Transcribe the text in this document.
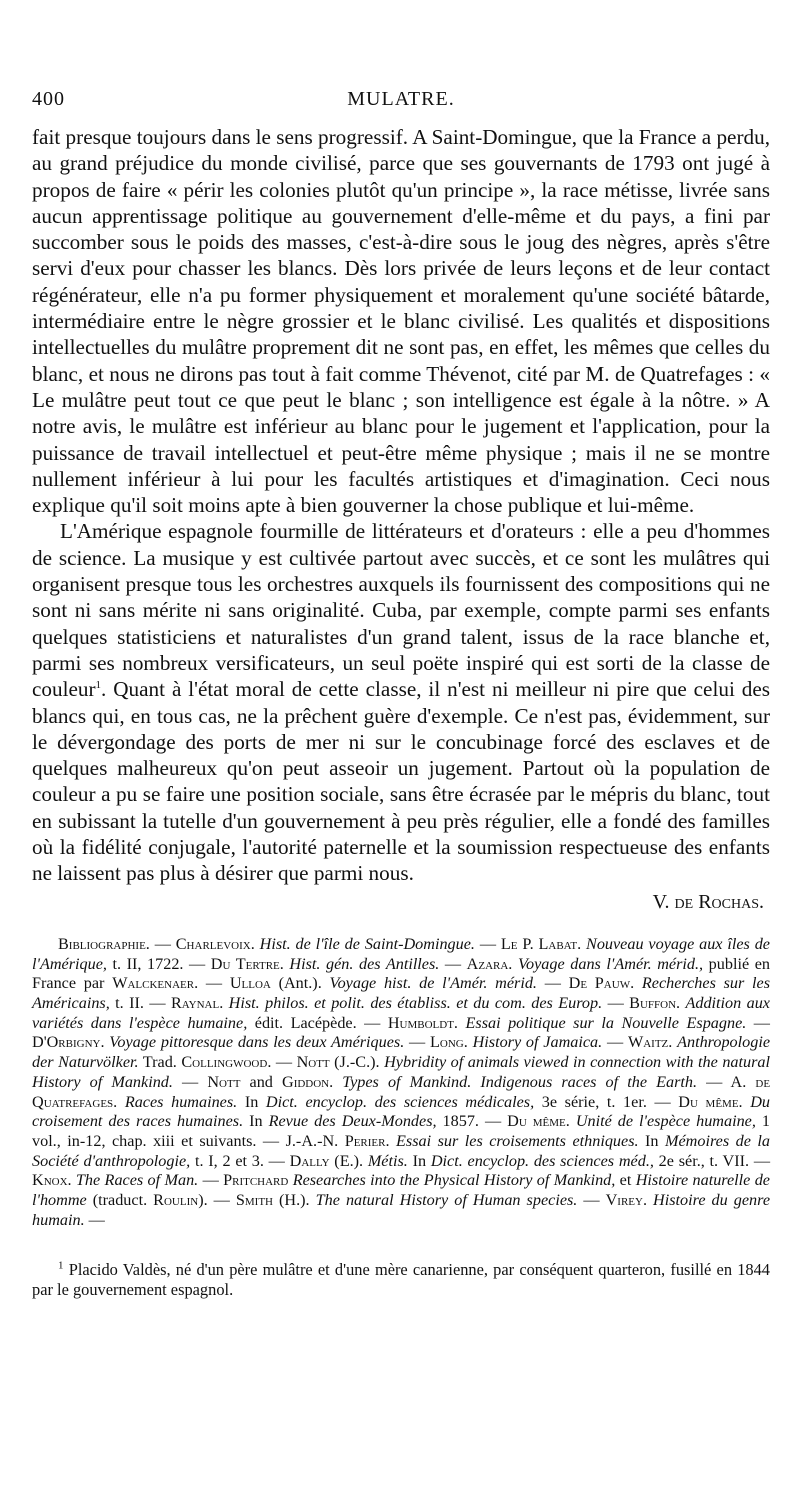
400	MULATRE.

fait presque toujours dans le sens progressif. A Saint-Domingue, que la France a perdu, au grand préjudice du monde civilisé, parce que ses gouvernants de 1793 ont jugé à propos de faire « périr les colonies plutôt qu'un principe », la race métisse, livrée sans aucun apprentissage politique au gouvernement d'elle-même et du pays, a fini par succomber sous le poids des masses, c'est-à-dire sous le joug des nègres, après s'être servi d'eux pour chasser les blancs. Dès lors privée de leurs leçons et de leur contact régénérateur, elle n'a pu former physiquement et moralement qu'une société bâtarde, intermédiaire entre le nègre grossier et le blanc civilisé. Les qualités et dispositions intellectuelles du mulâtre proprement dit ne sont pas, en effet, les mêmes que celles du blanc, et nous ne dirons pas tout à fait comme Thévenot, cité par M. de Quatrefages : « Le mulâtre peut tout ce que peut le blanc ; son intelligence est égale à la nôtre. » A notre avis, le mulâtre est inférieur au blanc pour le jugement et l'application, pour la puissance de travail intellectuel et peut-être même physique ; mais il ne se montre nullement inférieur à lui pour les facultés artistiques et d'imagination. Ceci nous explique qu'il soit moins apte à bien gouverner la chose publique et lui-même.

L'Amérique espagnole fourmille de littérateurs et d'orateurs : elle a peu d'hommes de science. La musique y est cultivée partout avec succès, et ce sont les mulâtres qui organisent presque tous les orchestres auxquels ils fournissent des compositions qui ne sont ni sans mérite ni sans originalité. Cuba, par exemple, compte parmi ses enfants quelques statisticiens et naturalistes d'un grand talent, issus de la race blanche et, parmi ses nombreux versificateurs, un seul poëte inspiré qui est sorti de la classe de couleur$^1$. Quant à l'état moral de cette classe, il n'est ni meilleur ni pire que celui des blancs qui, en tous cas, ne la prêchent guère d'exemple. Ce n'est pas, évidemment, sur le dévergondage des ports de mer ni sur le concubinage forcé des esclaves et de quelques malheureux qu'on peut asseoir un jugement. Partout où la population de couleur a pu se faire une position sociale, sans être écrasée par le mépris du blanc, tout en subissant la tutelle d'un gouvernement à peu près régulier, elle a fondé des familles où la fidélité conjugale, l'autorité paternelle et la soumission respectueuse des enfants ne laissent pas plus à désirer que parmi nous.

V. de Rochas.
Bibliographie. — Charlevoix. Hist. de l'île de Saint-Domingue. — Le P. Labat. Nouveau voyage aux îles de l'Amérique, t. II, 1722. — Du Tertre. Hist. gén. des Antilles. — Azara. Voyage dans l'Amér. mérid., publié en France par Walckenaer. — Ulloa (Ant.). Voyage hist. de l'Amér. mérid. — De Pauw. Recherches sur les Américains, t. II. — Raynal. Hist. philos. et polit. des établiss. et du com. des Europ. — Buffon. Addition aux variétés dans l'espèce humaine, édit. Lacépède. — Humboldt. Essai politique sur la Nouvelle Espagne. — D'Orbigny. Voyage pittoresque dans les deux Amériques. — Long. History of Jamaica. — Waitz. Anthropologie der Naturvölker. Trad. Collingwood. — Nott (J.-C.). Hybridity of animals viewed in connection with the natural History of Mankind. — Nott and Giddon. Types of Mankind. Indigenous races of the Earth. — A. de Quatrefages. Races humaines. In Dict. encyclop. des sciences médicales, 3e série, t. 1er. — Du même. Du croisement des races humaines. In Revue des Deux-Mondes, 1857. — Du même. Unité de l'espèce humaine, 1 vol., in-12, chap. xiii et suivants. — J.-A.-N. Perier. Essai sur les croisements ethniques. In Mémoires de la Société d'anthropologie, t. I, 2 et 3. — Dally (E.). Métis. In Dict. encyclop. des sciences méd., 2e sér., t. VII. — Knox. The Races of Man. — Pritchard Researches into the Physical History of Mankind, et Histoire naturelle de l'homme (traduct. Roulin). — Smith (H.). The natural History of Human species. — Virey. Histoire du genre humain. —
$^1$ Placido Valdès, né d'un père mulâtre et d'une mère canarienne, par conséquent quarteron, fusillé en 1844 par le gouvernement espagnol.
